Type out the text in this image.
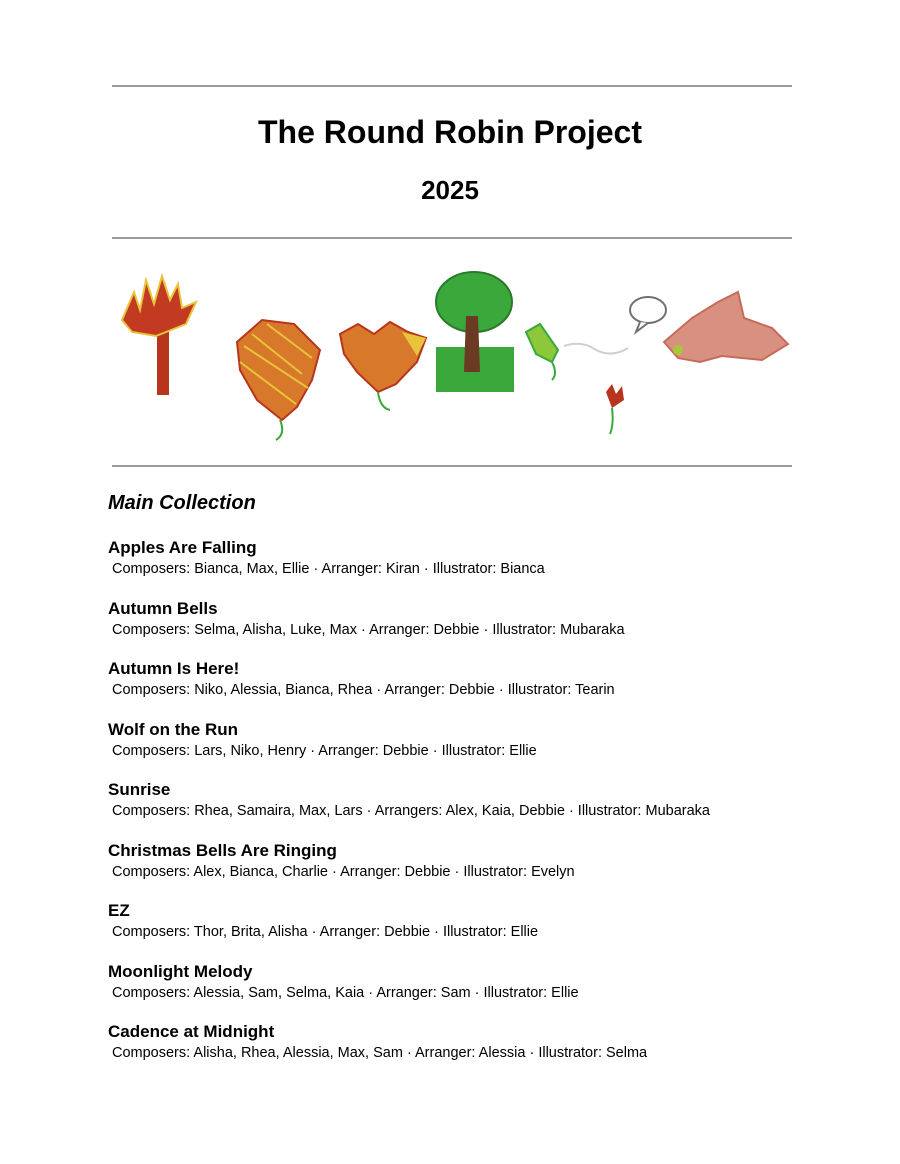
The Round Robin Project
2025
Main Collection
Apples Are Falling
Composers: Bianca, Max, Ellie · Arranger: Kiran · Illustrator: Bianca
Autumn Bells
Composers: Selma, Alisha, Luke, Max · Arranger: Debbie · Illustrator: Mubaraka
Autumn Is Here!
Composers: Niko, Alessia, Bianca, Rhea · Arranger: Debbie · Illustrator: Tearin
Wolf on the Run
Composers: Lars, Niko, Henry · Arranger: Debbie · Illustrator: Ellie
Sunrise
Composers: Rhea, Samaira, Max, Lars · Arrangers: Alex, Kaia, Debbie · Illustrator: Mubaraka
Christmas Bells Are Ringing
Composers: Alex, Bianca, Charlie · Arranger: Debbie · Illustrator: Evelyn
EZ
Composers: Thor, Brita, Alisha · Arranger: Debbie · Illustrator: Ellie
Moonlight Melody
Composers: Alessia, Sam, Selma, Kaia · Arranger: Sam · Illustrator: Ellie
Cadence at Midnight
Composers: Alisha, Rhea, Alessia, Max, Sam · Arranger: Alessia · Illustrator: Selma
